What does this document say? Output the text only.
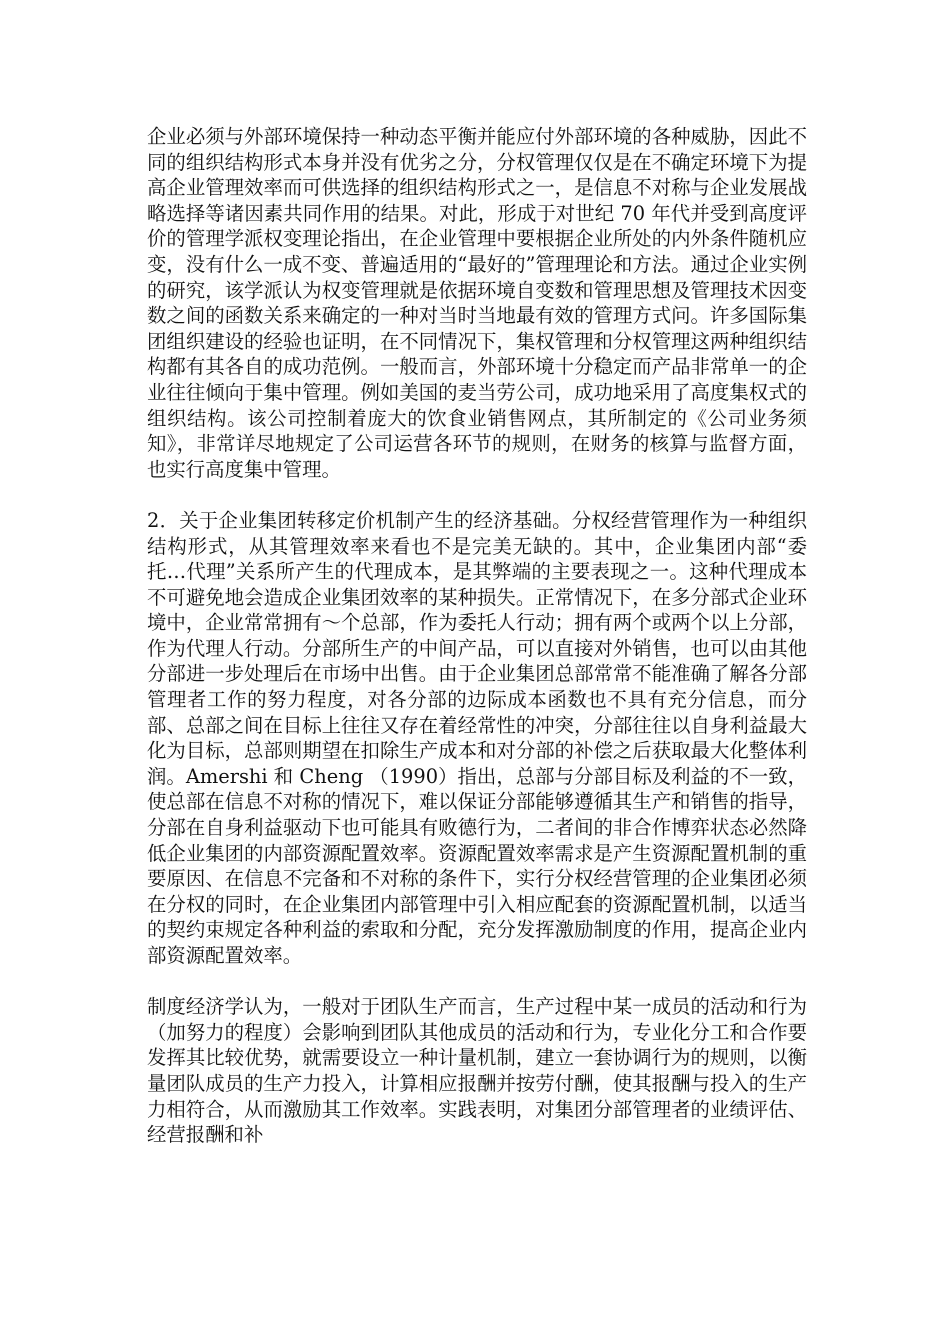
企业必须与外部环境保持一种动态平衡并能应付外部环境的各种威胁，因此不同的组织结构形式本身并没有优劣之分，分权管理仅仅是在不确定环境下为提高企业管理效率而可供选择的组织结构形式之一，是信息不对称与企业发展战略选择等诸因素共同作用的结果。对此，形成于对世纪 70 年代并受到高度评价的管理学派权变理论指出，在企业管理中要根据企业所处的内外条件随机应变，没有什么一成不变、普遍适用的“最好的”管理理论和方法。通过企业实例的研究，该学派认为权变管理就是依据环境自变数和管理思想及管理技术因变数之间的函数关系来确定的一种对当时当地最有效的管理方式问。许多国际集团组织建设的经验也证明，在不同情况下，集权管理和分权管理这两种组织结构都有其各自的成功范例。一般而言，外部环境十分稳定而产品非常单一的企业往往倾向于集中管理。例如美国的麦当劳公司，成功地采用了高度集权式的组织结构。该公司控制着庞大的饮食业销售网点，其所制定的《公司业务须知》，非常详尽地规定了公司运营各环节的规则，在财务的核算与监督方面，也实行高度集中管理。

2．关于企业集团转移定价机制产生的经济基础。分权经营管理作为一种组织结构形式，从其管理效率来看也不是完美无缺的。其中，企业集团内部“委托…代理”关系所产生的代理成本，是其弊端的主要表现之一。这种代理成本不可避免地会造成企业集团效率的某种损失。正常情况下，在多分部式企业环境中，企业常常拥有～个总部，作为委托人行动；拥有两个或两个以上分部，作为代理人行动。分部所生产的中间产品，可以直接对外销售，也可以由其他分部进一步处理后在市场中出售。由于企业集团总部常常不能准确了解各分部管理者工作的努力程度，对各分部的边际成本函数也不具有充分信息，而分部、总部之间在目标上往往又存在着经常性的冲突，分部往往以自身利益最大化为目标，总部则期望在扣除生产成本和对分部的补偿之后获取最大化整体利润。Amershi 和 Cheng （1990）指出，总部与分部目标及利益的不一致，使总部在信息不对称的情况下，难以保证分部能够遵循其生产和销售的指导，分部在自身利益驱动下也可能具有败德行为，二者间的非合作博弈状态必然降低企业集团的内部资源配置效率。资源配置效率需求是产生资源配置机制的重要原因、在信息不完备和不对称的条件下，实行分权经营管理的企业集团必须在分权的同时，在企业集团内部管理中引入相应配套的资源配置机制，以适当的契约束规定各种利益的索取和分配，充分发挥激励制度的作用，提高企业内部资源配置效率。

制度经济学认为，一般对于团队生产而言，生产过程中某一成员的活动和行为（加努力的程度）会影响到团队其他成员的活动和行为，专业化分工和合作要发挥其比较优势，就需要设立一种计量机制，建立一套协调行为的规则，以衡量团队成员的生产力投入，计算相应报酬并按劳付酬，使其报酬与投入的生产力相符合，从而激励其工作效率。实践表明，对集团分部管理者的业绩评估、经营报酬和补
